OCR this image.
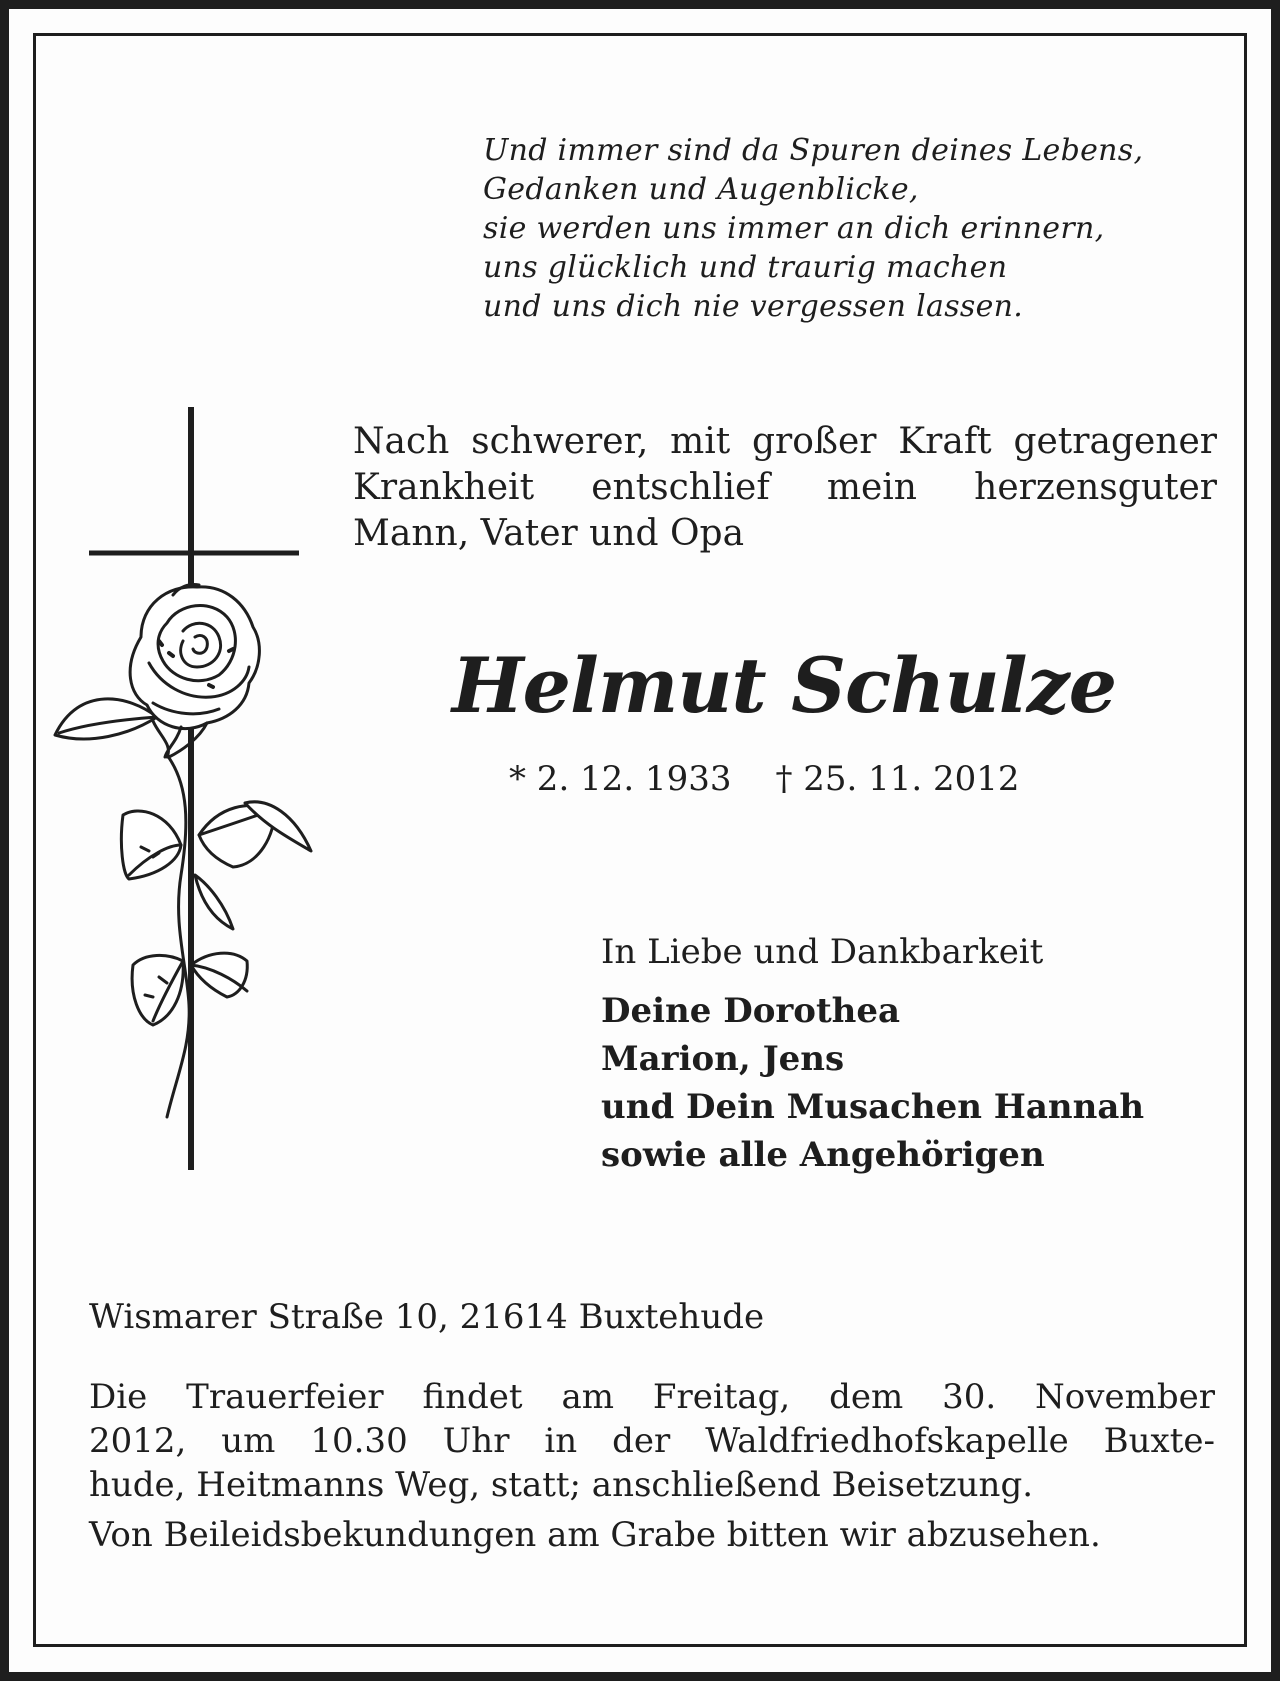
Und immer sind da Spuren deines Lebens,
Gedanken und Augenblicke,
sie werden uns immer an dich erinnern,
uns glücklich und traurig machen
und uns dich nie vergessen lassen.
Nach schwerer, mit großer Kraft getragener
Krankheit entschlief mein herzensguter
Mann, Vater und Opa
Helmut Schulze
* 2. 12. 1933 † 25. 11. 2012
In Liebe und Dankbarkeit
Deine Dorothea
Marion, Jens
und Dein Musachen Hannah
sowie alle Angehörigen
Wismarer Straße 10, 21614 Buxtehude
Die Trauerfeier findet am Freitag, dem 30. November
2012, um 10.30 Uhr in der Waldfriedhofskapelle Buxte-
hude, Heitmanns Weg, statt; anschließend Beisetzung.
Von Beileidsbekundungen am Grabe bitten wir abzusehen.
